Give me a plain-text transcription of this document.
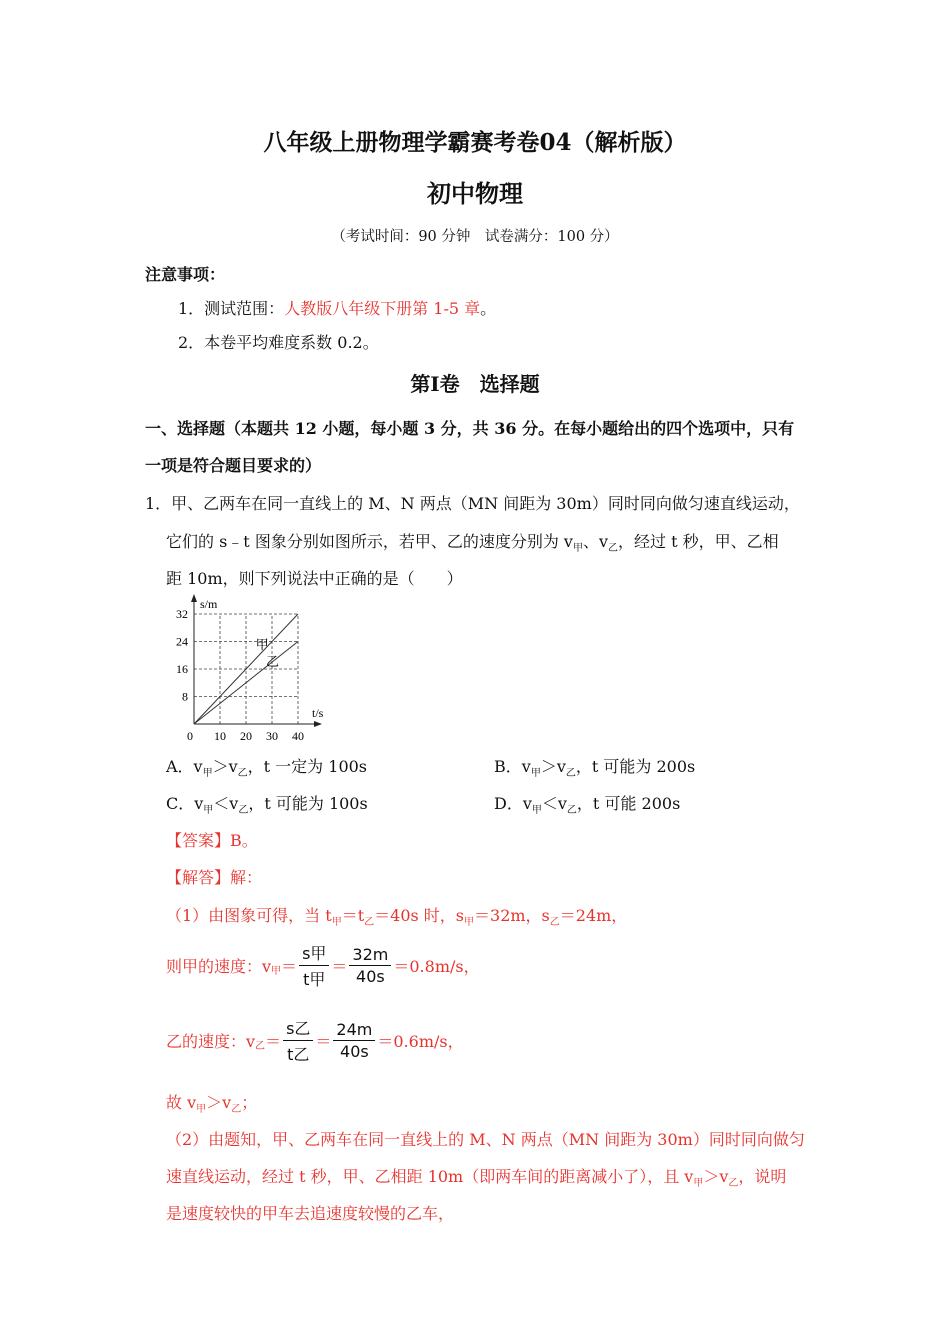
八年级上册物理学霸赛考卷04（解析版）
初中物理
（考试时间：90 分钟　试卷满分：100 分）
注意事项：
1．测试范围：人教版八年级下册第 1-5 章。
2．本卷平均难度系数 0.2。
第Ⅰ卷　选择题
一、选择题（本题共 12 小题，每小题 3 分，共 36 分。在每小题给出的四个选项中，只有
一项是符合题目要求的）
1．甲、乙两车在同一直线上的 M、N 两点（MN 间距为 30m）同时同向做匀速直线运动，
它们的 s﹣t 图象分别如图所示，若甲、乙的速度分别为 $v_甲$、$v_乙$，经过 t 秒，甲、乙相
距 10m，则下列说法中正确的是（　　）
8
16
24
32
0 10 20 30 40
甲
乙
s/m
t/s
A．$v_甲>v_乙$，t 一定为 100s	B．$v_甲>v_乙$，t 可能为 200s
C．$v_甲<v_乙$，t 可能为 100s	D．$v_甲<v_乙$，t 可能 200s
【答案】B。
【解答】解：
（1）由图象可得，当 $t_甲=t_乙=40s$ 时，$s_甲=32m$，$s_乙=24m$，
则甲的速度：v 甲 ＝ $\frac{\text{s甲}}{\text{t甲}} = \frac{32m}{40s} =0.8m/s$，
乙的速度：v 乙 ＝ $\frac{\text{s乙}}{\text{t乙}} = \frac{24m}{40s} =0.6m/s$，
故 $v_甲>v_乙$；
（2）由题知，甲、乙两车在同一直线上的 M、N 两点（MN 间距为 30m）同时同向做匀
速直线运动，经过 t 秒，甲、乙相距 10m（即两车间的距离减小了），且 $v_甲>v_乙$，说明
是速度较快的甲车去追速度较慢的乙车，
